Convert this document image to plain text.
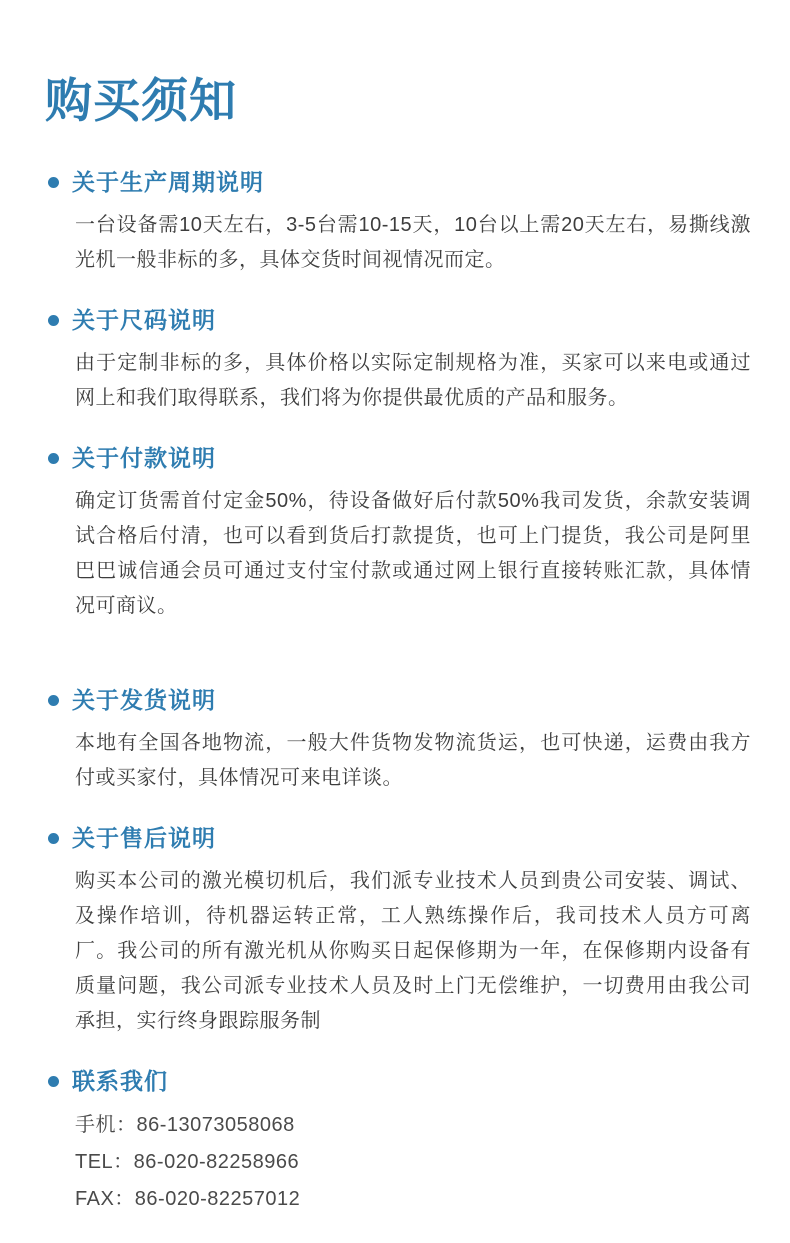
购买须知
关于生产周期说明

一台设备需10天左右，3-5台需10-15天，10台以上需20天左右，易撕线激光机一般非标的多，具体交货时间视情况而定。

关于尺码说明

由于定制非标的多，具体价格以实际定制规格为准，买家可以来电或通过网上和我们取得联系，我们将为你提供最优质的产品和服务。

关于付款说明

确定订货需首付定金50%，待设备做好后付款50%我司发货，余款安装调试合格后付清，也可以看到货后打款提货，也可上门提货，我公司是阿里巴巴诚信通会员可通过支付宝付款或通过网上银行直接转账汇款，具体情况可商议。

关于发货说明

本地有全国各地物流，一般大件货物发物流货运，也可快递，运费由我方付或买家付，具体情况可来电详谈。

关于售后说明

购买本公司的激光模切机后，我们派专业技术人员到贵公司安装、调试、及操作培训，待机器运转正常，工人熟练操作后，我司技术人员方可离厂。我公司的所有激光机从你购买日起保修期为一年，在保修期内设备有质量问题，我公司派专业技术人员及时上门无偿维护，一切费用由我公司承担，实行终身跟踪服务制

联系我们
手机：86-13073058068
TEL：86-020-82258966
FAX：86-020-82257012
